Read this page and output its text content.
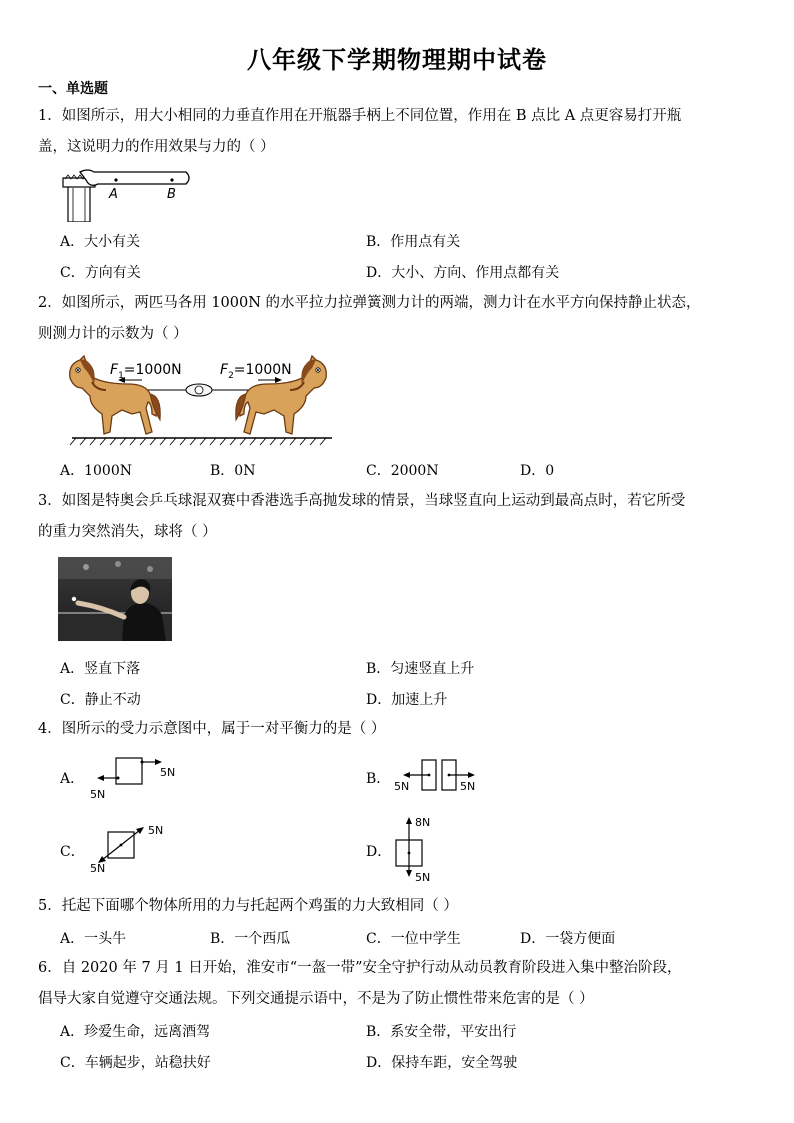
八年级下学期物理期中试卷
一、单选题
1．如图所示，用大小相同的力垂直作用在开瓶器手柄上不同位置，作用在 B 点比 A 点更容易打开瓶
盖，这说明力的作用效果与力的（ ）
A	B
A．大小有关	B．作用点有关
C．方向有关	D．大小、方向、作用点都有关
2．如图所示，两匹马各用 1000N 的水平拉力拉弹簧测力计的两端，测力计在水平方向保持静止状态，
则测力计的示数为（ ）
$F_1=1000N$	$F_2=1000N$
A．1000N	B．0N	C．2000N	D．0
3．如图是特奥会乒乓球混双赛中香港选手高抛发球的情景，当球竖直向上运动到最高点时，若它所受
的重力突然消失，球将（ ）
A．竖直下落	B．匀速竖直上升
C．静止不动	D．加速上升
4．图所示的受力示意图中，属于一对平衡力的是（ ）
A．	5N
5N
B． 5N	5N
C．
5N
5N
D．
8N
5N
5．托起下面哪个物体所用的力与托起两个鸡蛋的力大致相同（ ）
A．一头牛	B．一个西瓜	C．一位中学生	D．一袋方便面
6．自 2020 年 7 月 1 日开始，淮安市“一盔一带”安全守护行动从动员教育阶段进入集中整治阶段，
倡导大家自觉遵守交通法规。下列交通提示语中，不是为了防止惯性带来危害的是（ ）
A．珍爱生命，远离酒驾	B．系安全带，平安出行
C．车辆起步，站稳扶好	D．保持车距，安全驾驶
